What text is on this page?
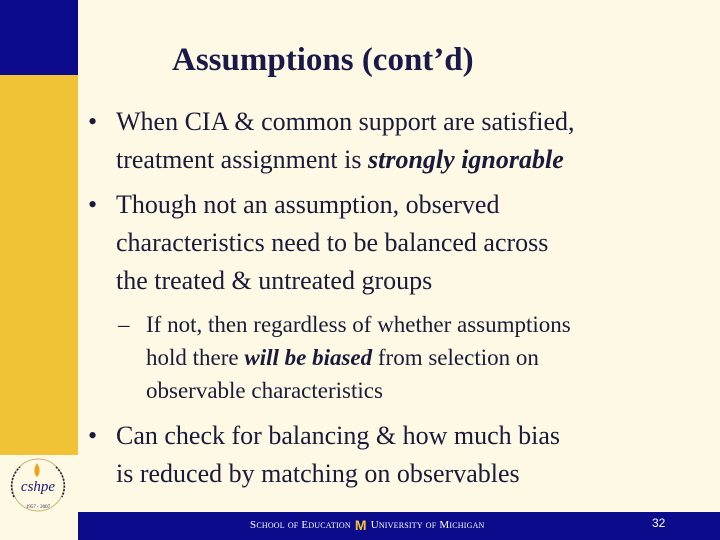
cshpe
1957 - 2007
School of Education M University of Michigan	32
Assumptions (cont’d)
• When CIA & common support are satisfied,
treatment assignment is strongly ignorable
• Though not an assumption, observed
characteristics need to be balanced across
the treated & untreated groups
– If not, then regardless of whether assumptions
hold there will be biased from selection on
observable characteristics
• Can check for balancing & how much bias
is reduced by matching on observables
